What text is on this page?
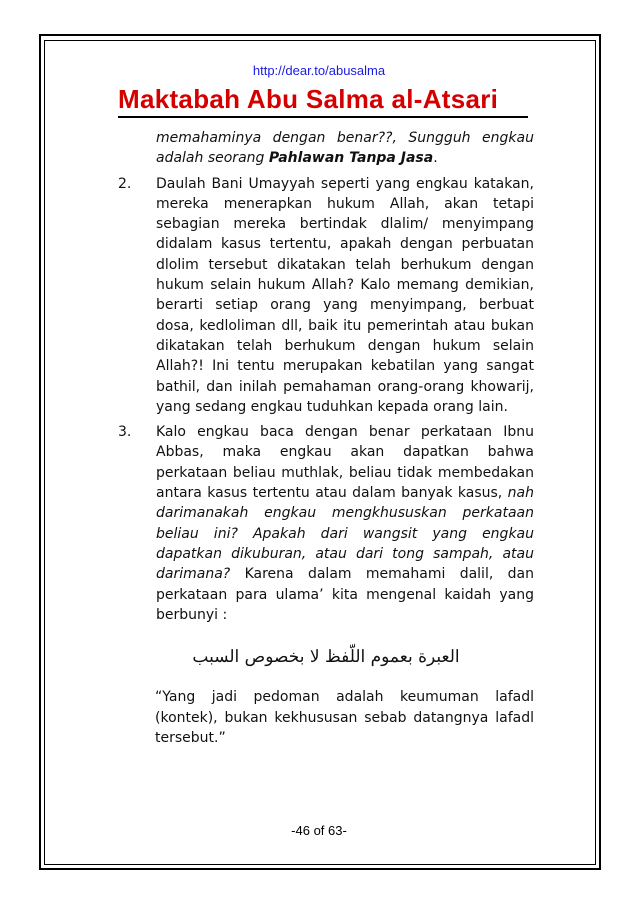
http://dear.to/abusalma
Maktabah Abu Salma al-Atsari

memahaminya dengan benar??, Sungguh engkau adalah seorang Pahlawan Tanpa Jasa.

2.	Daulah Bani Umayyah seperti yang engkau katakan, mereka menerapkan hukum Allah, akan tetapi sebagian mereka bertindak dlalim/ menyimpang didalam kasus tertentu, apakah dengan perbuatan dlolim tersebut dikatakan telah berhukum dengan hukum selain hukum Allah? Kalo memang demikian, berarti setiap orang yang menyimpang, berbuat dosa, kedloliman dll, baik itu pemerintah atau bukan dikatakan telah berhukum dengan hukum selain Allah?! Ini tentu merupakan kebatilan yang sangat bathil, dan inilah pemahaman orang-orang khowarij, yang sedang engkau tuduhkan kepada orang lain.
3.	Kalo engkau baca dengan benar perkataan Ibnu Abbas, maka engkau akan dapatkan bahwa perkataan beliau muthlak, beliau tidak membedakan antara kasus tertentu atau dalam banyak kasus, nah darimanakah engkau mengkhususkan perkataan beliau ini? Apakah dari wangsit yang engkau dapatkan dikuburan, atau dari tong sampah, atau darimana? Karena dalam memahami dalil, dan perkataan para ulama’ kita mengenal kaidah yang berbunyi :
العبرة بعموم اللّفظ لا بخصوص السبب

“Yang jadi pedoman adalah keumuman lafadl (kontek), bukan kekhususan sebab datangnya lafadl tersebut.”

-46 of 63-
